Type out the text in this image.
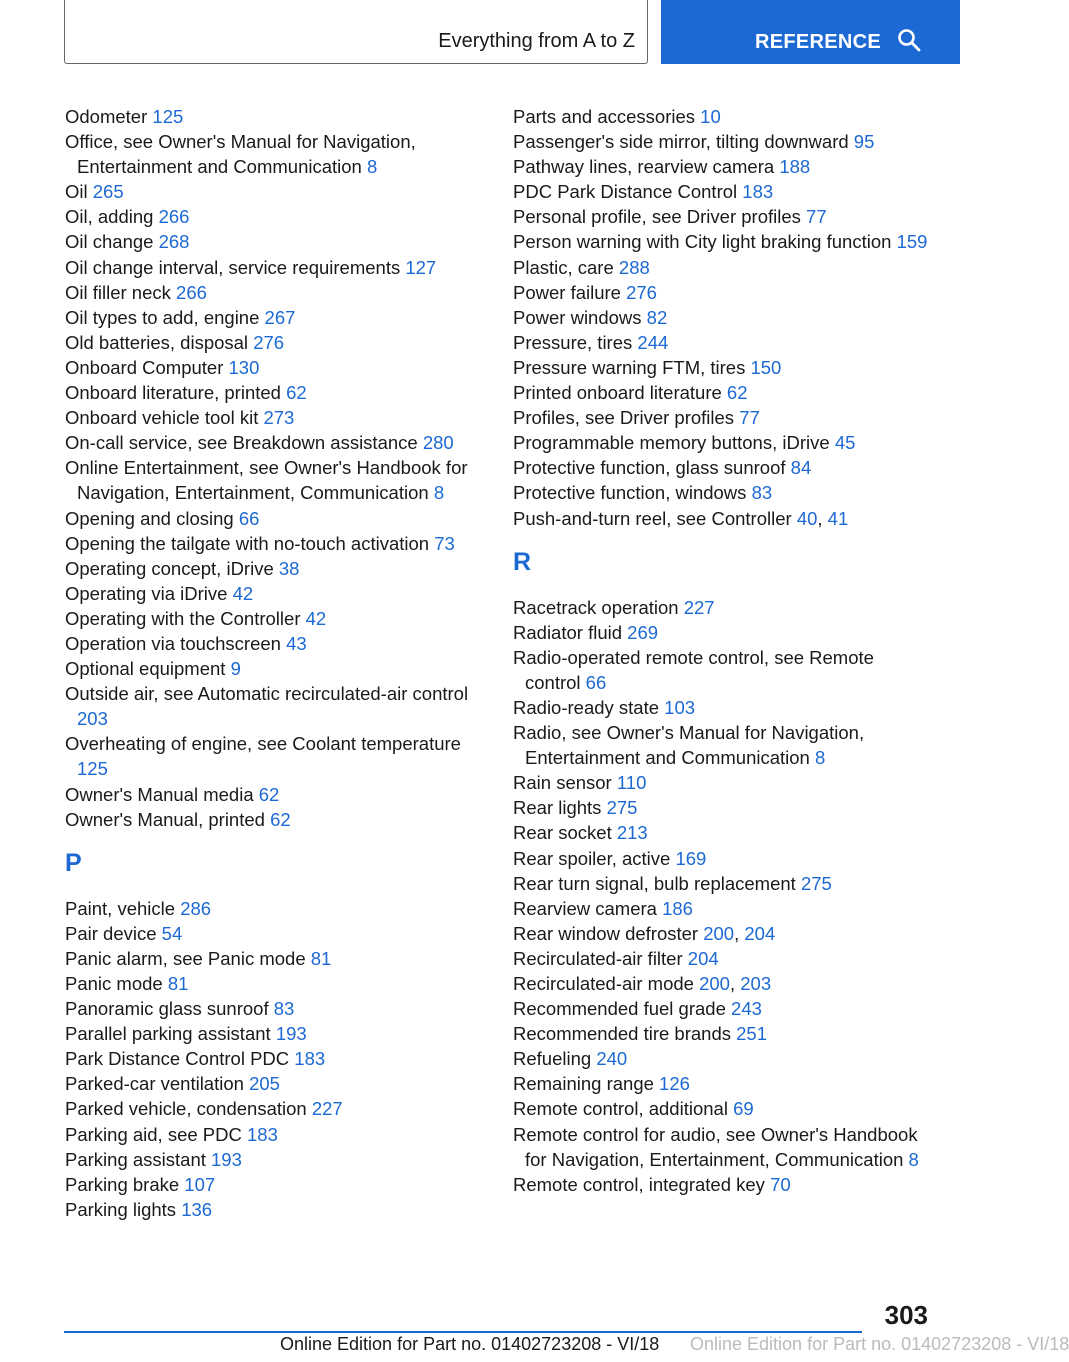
Everything from A to Z	REFERENCE
Odometer 125
Office, see Owner's Manual for Navigation, Entertainment and Communication 8
Oil 265
Oil, adding 266
Oil change 268
Oil change interval, service requirements 127
Oil filler neck 266
Oil types to add, engine 267
Old batteries, disposal 276
Onboard Computer 130
Onboard literature, printed 62
Onboard vehicle tool kit 273
On-call service, see Breakdown assistance 280
Online Entertainment, see Owner's Handbook for Navigation, Entertainment, Communication 8
Opening and closing 66
Opening the tailgate with no-touch activation 73
Operating concept, iDrive 38
Operating via iDrive 42
Operating with the Controller 42
Operation via touchscreen 43
Optional equipment 9
Outside air, see Automatic recirculated-air control 203
Overheating of engine, see Coolant temperature 125
Owner's Manual media 62
Owner's Manual, printed 62
P
Paint, vehicle 286
Pair device 54
Panic alarm, see Panic mode 81
Panic mode 81
Panoramic glass sunroof 83
Parallel parking assistant 193
Park Distance Control PDC 183
Parked-car ventilation 205
Parked vehicle, condensation 227
Parking aid, see PDC 183
Parking assistant 193
Parking brake 107
Parking lights 136
Parts and accessories 10
Passenger's side mirror, tilting downward 95
Pathway lines, rearview camera 188
PDC Park Distance Control 183
Personal profile, see Driver profiles 77
Person warning with City light braking function 159
Plastic, care 288
Power failure 276
Power windows 82
Pressure, tires 244
Pressure warning FTM, tires 150
Printed onboard literature 62
Profiles, see Driver profiles 77
Programmable memory buttons, iDrive 45
Protective function, glass sunroof 84
Protective function, windows 83
Push-and-turn reel, see Controller 40, 41
R
Racetrack operation 227
Radiator fluid 269
Radio-operated remote control, see Remote control 66
Radio-ready state 103
Radio, see Owner's Manual for Navigation, Entertainment and Communication 8
Rain sensor 110
Rear lights 275
Rear socket 213
Rear spoiler, active 169
Rear turn signal, bulb replacement 275
Rearview camera 186
Rear window defroster 200, 204
Recirculated-air filter 204
Recirculated-air mode 200, 203
Recommended fuel grade 243
Recommended tire brands 251
Refueling 240
Remaining range 126
Remote control, additional 69
Remote control for audio, see Owner's Handbook for Navigation, Entertainment, Communication 8
Remote control, integrated key 70
303
Online Edition for Part no. 01402723208 - VI/18 Online Edition for Part no. 01402723208 - VI/18
